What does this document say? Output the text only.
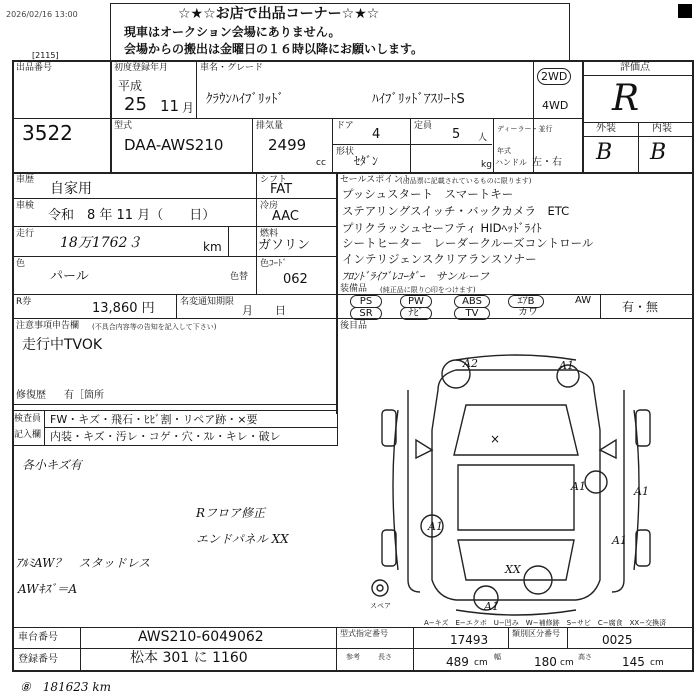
2026/02/16 13:00	☆★☆お店で出品コーナー☆★☆
現車はオークション会場にありません。
会場からの搬出は金曜日の１６時以降にお願いします。
[2115]
出品番号
3522
初度登録年月
平成
25 11 月
車名・グレード
ｸﾗｳﾝﾊｲﾌﾞﾘｯﾄﾞ	ﾊｲﾌﾞﾘｯﾄﾞｱｽﾘｰﾄS
2WD
4WD
評価点
R
外装	内装
B B
型式
DAA-AWS210
排気量
2499
cc
ドア
4
定員
5 人
形状
ｾﾀﾞﾝ	kg
ディーラー・並行
年式
ハンドル 左・右
車歴
自家用
車検
令和　8 年 11 月（　　日）
走行
18万1762３	km
色
パール	色替
R券	13,860 円	名変通知期限
月　　日
シフト
FAT
冷房
AAC
燃料
ガソリン
色ｺｰﾄﾞ
062
セールスポイント
(出品票に記載されているものに限ります)
プッシュスタート　スマートキー
ステアリングスイッチ・バックカメラ　ETC
プリクラッシュセーフティ HIDﾍｯﾄﾞﾗｲﾄ
シートヒーター　レーダークルーズコントロール
インテリジェンスクリアランスソナー
ﾌﾛﾝﾄﾞﾗｲﾌﾞﾚｺｰﾀﾞｰ　サンルーフ
装備品 (純正品に限り○印をつけます)
PS	PW	ABS	ｴｱB	AW
SR	ﾅﾋﾞ	TV	カワ	有・無
後目品
注意事項申告欄 (不具合内容等の告知を記入して下さい)
走行中TVOK
修復歴 有［箇所
検査員
記入欄
FW・キズ・飛石・ﾋﾋﾞ割・リペア跡・×要
内装・キズ・汚レ・コゲ・穴・ｽﾚ・キレ・破レ
各小キズ有
Rフロア修正
エンドパネル XX
ｱﾙﾐAW？　スタッドレス
AWｷｽﾞ＝A
A2	A1
×
A1	A1
A1
A1
XX
A1
スペア
A−キズ　E−エクボ　U−凹み　W−補修跡　S−サビ　C−腐食　XX−交換済
車台番号	AWS210-6049062
登録番号	松本 301 に 1160
型式指定番号	17493	類別区分番号	0025
参考	長さ	489 cm
幅	180 cm
高さ	145 cm
⑧　181623 km
